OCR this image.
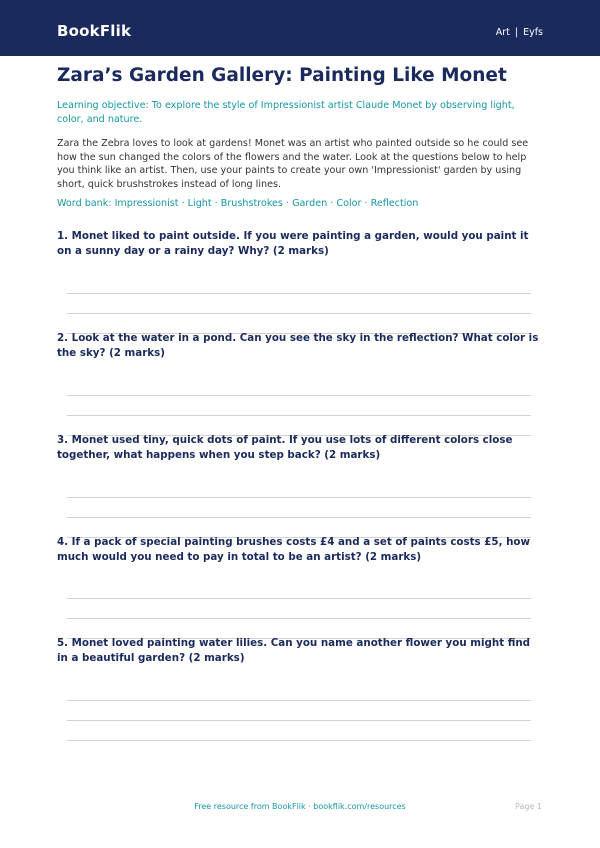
BookFlik	Art | Eyfs
Zara’s Garden Gallery: Painting Like Monet
Learning objective: To explore the style of Impressionist artist Claude Monet by observing light, color, and nature.
Zara the Zebra loves to look at gardens! Monet was an artist who painted outside so he could see how the sun changed the colors of the flowers and the water. Look at the questions below to help you think like an artist. Then, use your paints to create your own 'Impressionist' garden by using short, quick brushstrokes instead of long lines.
Word bank: Impressionist · Light · Brushstrokes · Garden · Color · Reflection
1. Monet liked to paint outside. If you were painting a garden, would you paint it on a sunny day or a rainy day? Why? (2 marks)
2. Look at the water in a pond. Can you see the sky in the reflection? What color is the sky? (2 marks)
3. Monet used tiny, quick dots of paint. If you use lots of different colors close together, what happens when you step back? (2 marks)
4. If a pack of special painting brushes costs £4 and a set of paints costs £5, how much would you need to pay in total to be an artist? (2 marks)
5. Monet loved painting water lilies. Can you name another flower you might find in a beautiful garden? (2 marks)
Free resource from BookFlik · bookflik.com/resources	Page 1
